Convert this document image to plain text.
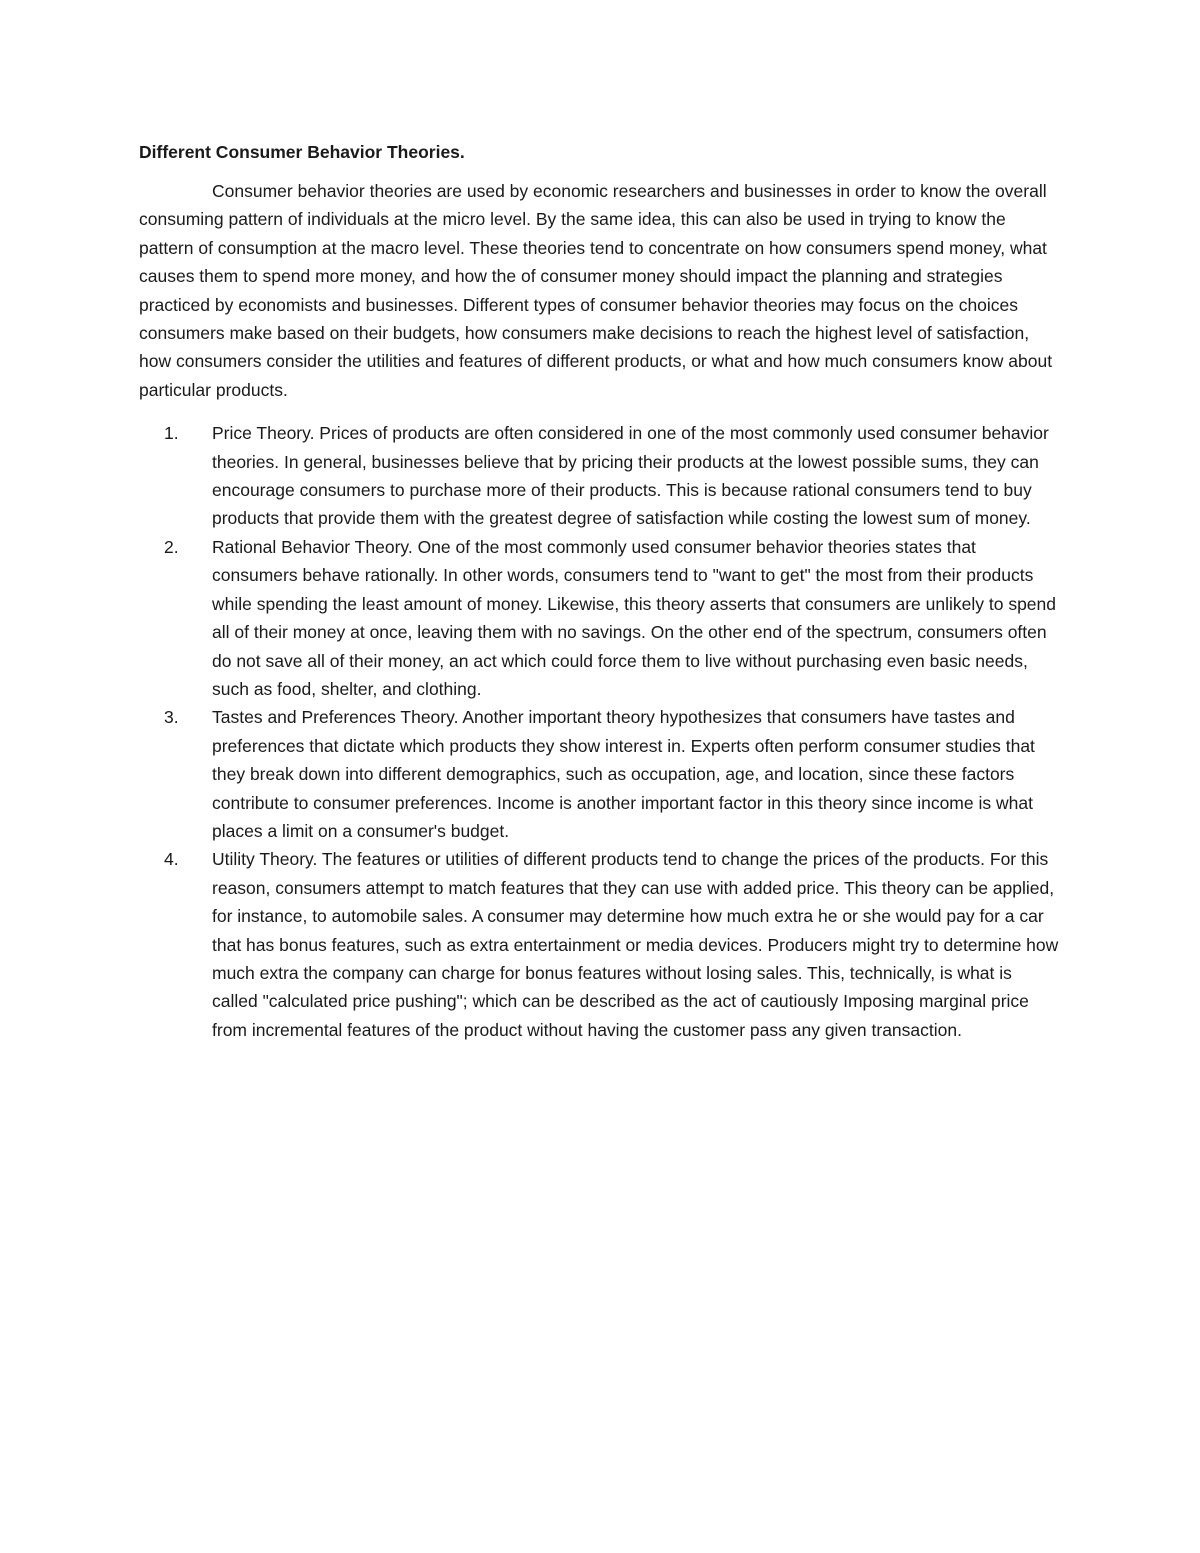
Different Consumer Behavior Theories.

Consumer behavior theories are used by economic researchers and businesses in order to know the overall consuming pattern of individuals at the micro level. By the same idea, this can also be used in trying to know the pattern of consumption at the macro level. These theories tend to concentrate on how consumers spend money, what causes them to spend more money, and how the of consumer money should impact the planning and strategies practiced by economists and businesses. Different types of consumer behavior theories may focus on the choices consumers make based on their budgets, how consumers make decisions to reach the highest level of satisfaction, how consumers consider the utilities and features of different products, or what and how much consumers know about particular products.

1.	Price Theory. Prices of products are often considered in one of the most commonly used consumer behavior theories. In general, businesses believe that by pricing their products at the lowest possible sums, they can encourage consumers to purchase more of their products. This is because rational consumers tend to buy products that provide them with the greatest degree of satisfaction while costing the lowest sum of money.
2.	Rational Behavior Theory. One of the most commonly used consumer behavior theories states that consumers behave rationally. In other words, consumers tend to "want to get" the most from their products while spending the least amount of money. Likewise, this theory asserts that consumers are unlikely to spend all of their money at once, leaving them with no savings. On the other end of the spectrum, consumers often do not save all of their money, an act which could force them to live without purchasing even basic needs, such as food, shelter, and clothing.
3.	Tastes and Preferences Theory. Another important theory hypothesizes that consumers have tastes and preferences that dictate which products they show interest in. Experts often perform consumer studies that they break down into different demographics, such as occupation, age, and location, since these factors contribute to consumer preferences. Income is another important factor in this theory since income is what places a limit on a consumer's budget.
4.	Utility Theory. The features or utilities of different products tend to change the prices of the products. For this reason, consumers attempt to match features that they can use with added price. This theory can be applied, for instance, to automobile sales. A consumer may determine how much extra he or she would pay for a car that has bonus features, such as extra entertainment or media devices. Producers might try to determine how much extra the company can charge for bonus features without losing sales. This, technically, is what is called "calculated price pushing"; which can be described as the act of cautiously Imposing marginal price from incremental features of the product without having the customer pass any given transaction.
